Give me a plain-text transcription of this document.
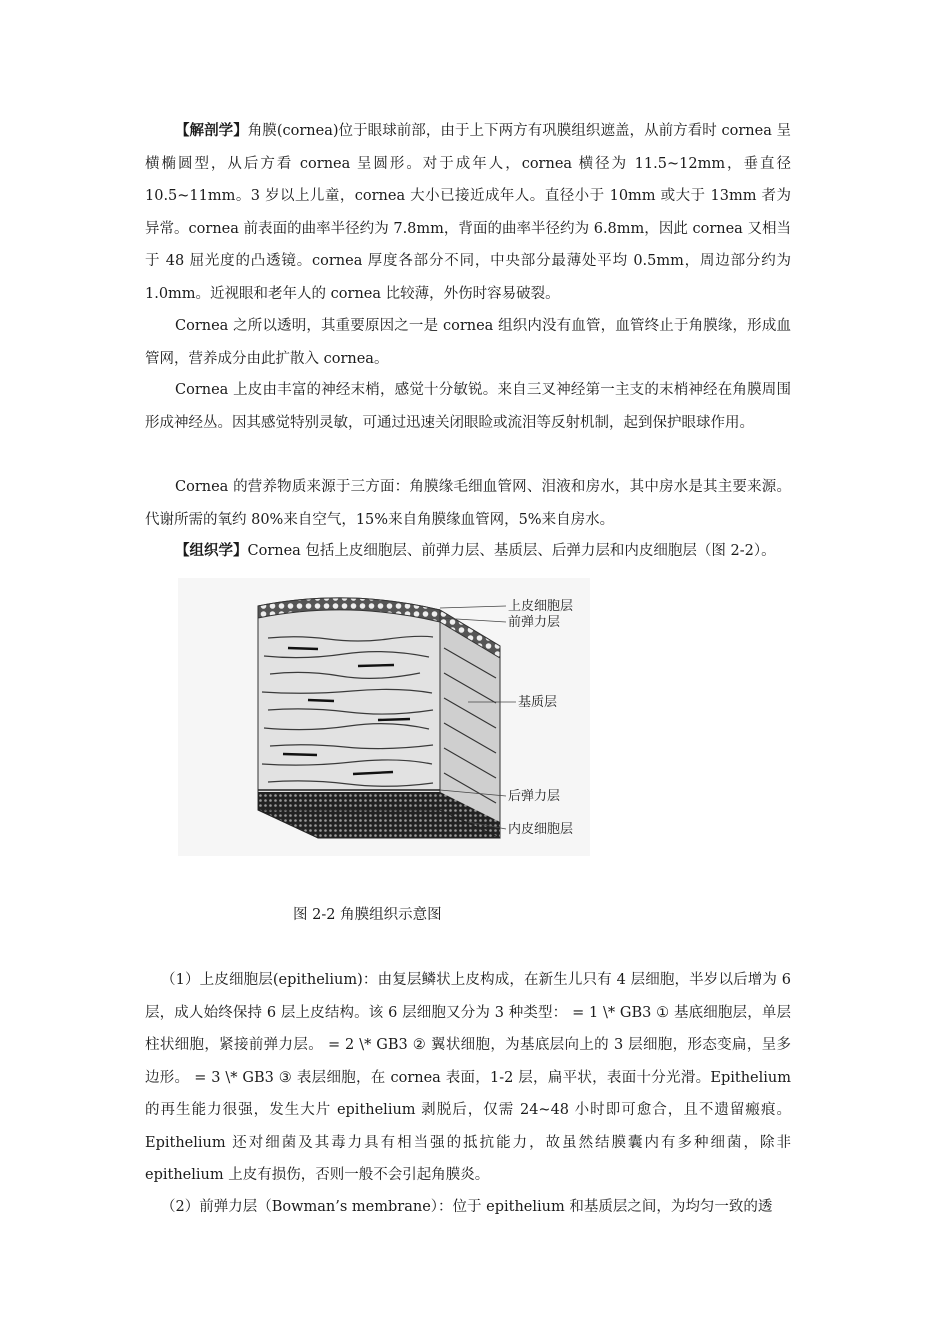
【解剖学】角膜(cornea)位于眼球前部，由于上下两方有巩膜组织遮盖，从前方看时 cornea 呈横椭圆型，从后方看 cornea 呈圆形。对于成年人，cornea 横径为 11.5~12mm，垂直径 10.5~11mm。3 岁以上儿童，cornea 大小已接近成年人。直径小于 10mm 或大于 13mm 者为异常。cornea 前表面的曲率半径约为 7.8mm，背面的曲率半径约为 6.8mm，因此 cornea 又相当于 48 屈光度的凸透镜。cornea 厚度各部分不同，中央部分最薄处平均 0.5mm，周边部分约为 1.0mm。近视眼和老年人的 cornea 比较薄，外伤时容易破裂。

Cornea 之所以透明，其重要原因之一是 cornea 组织内没有血管，血管终止于角膜缘，形成血管网，营养成分由此扩散入 cornea。

Cornea 上皮由丰富的神经末梢，感觉十分敏锐。来自三叉神经第一主支的末梢神经在角膜周围形成神经丛。因其感觉特别灵敏，可通过迅速关闭眼睑或流泪等反射机制，起到保护眼球作用。

Cornea 的营养物质来源于三方面：角膜缘毛细血管网、泪液和房水，其中房水是其主要来源。代谢所需的氧约 80%来自空气，15%来自角膜缘血管网，5%来自房水。

【组织学】Cornea 包括上皮细胞层、前弹力层、基质层、后弹力层和内皮细胞层（图 2-2）。

上皮细胞层
前弹力层
基质层
后弹力层
内皮细胞层

图 2-2 角膜组织示意图

（1）上皮细胞层(epithelium)：由复层鳞状上皮构成，在新生儿只有 4 层细胞，半岁以后增为 6 层，成人始终保持 6 层上皮结构。该 6 层细胞又分为 3 种类型： = 1 \* GB3 ① 基底细胞层，单层柱状细胞，紧接前弹力层。 = 2 \* GB3 ② 翼状细胞，为基底层向上的 3 层细胞，形态变扁，呈多边形。 = 3 \* GB3 ③ 表层细胞，在 cornea 表面，1-2 层，扁平状，表面十分光滑。Epithelium 的再生能力很强，发生大片 epithelium 剥脱后，仅需 24~48 小时即可愈合，且不遗留瘢痕。Epithelium 还对细菌及其毒力具有相当强的抵抗能力，故虽然结膜囊内有多种细菌，除非 epithelium 上皮有损伤，否则一般不会引起角膜炎。

（2）前弹力层（Bowman’s membrane）：位于 epithelium 和基质层之间，为均匀一致的透
